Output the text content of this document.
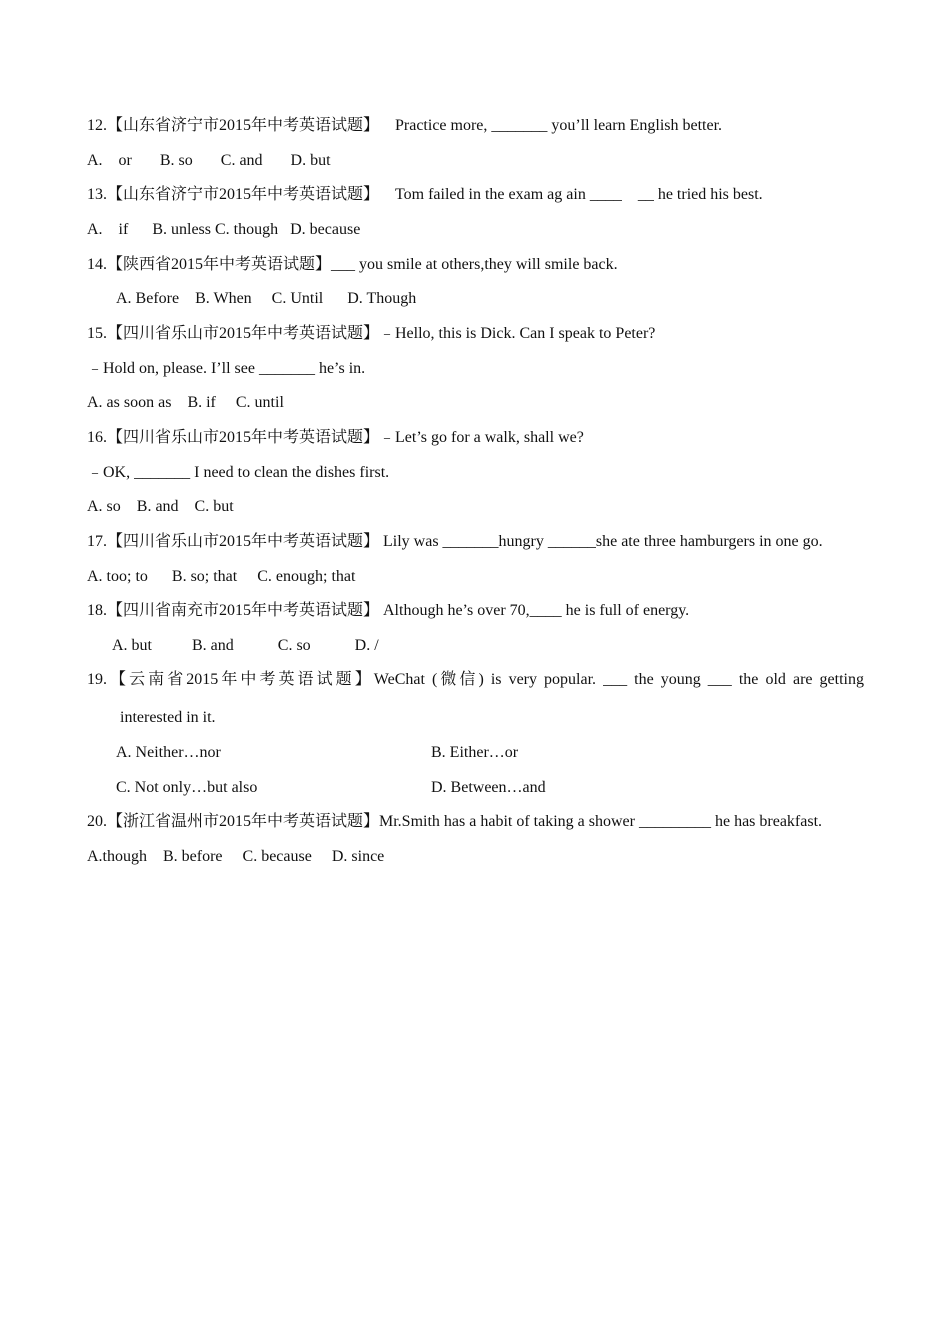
12.【山东省济宁市2015年中考英语试题】    Practice more, _______ you’ll learn English better.
A.    or       B. so       C. and       D. but
13.【山东省济宁市2015年中考英语试题】    Tom failed in the exam ag ain ____    __ he tried his best.
A.    if      B. unless C. though   D. because
14.【陕西省2015年中考英语试题】___ you smile at others,they will smile back.
A. Before    B. When     C. Until      D. Though
15.【四川省乐山市2015年中考英语试题】﹣Hello, this is Dick. Can I speak to Peter?
﹣Hold on, please. I’ll see _______ he’s in.
A. as soon as    B. if     C. until
16.【四川省乐山市2015年中考英语试题】﹣Let’s go for a walk, shall we?
﹣OK, _______ I need to clean the dishes first.
A. so    B. and    C. but
17.【四川省乐山市2015年中考英语试题】 Lily was _______hungry ______she ate three hamburgers in one go.
A. too; to      B. so; that     C. enough; that
18.【四川省南充市2015年中考英语试题】 Although he’s over 70,____ he is full of energy.
A. but          B. and           C. so           D. /
19.【云南省2015年中考英语试题】WeChat (微信) is very popular. ___ the young ___ the old are getting
interested in it.
A. Neither…nor	B. Either…or
C. Not only…but also	D. Between…and
20.【浙江省温州市2015年中考英语试题】Mr.Smith has a habit of taking a shower _________ he has breakfast.
A.though    B. before     C. because     D. since
